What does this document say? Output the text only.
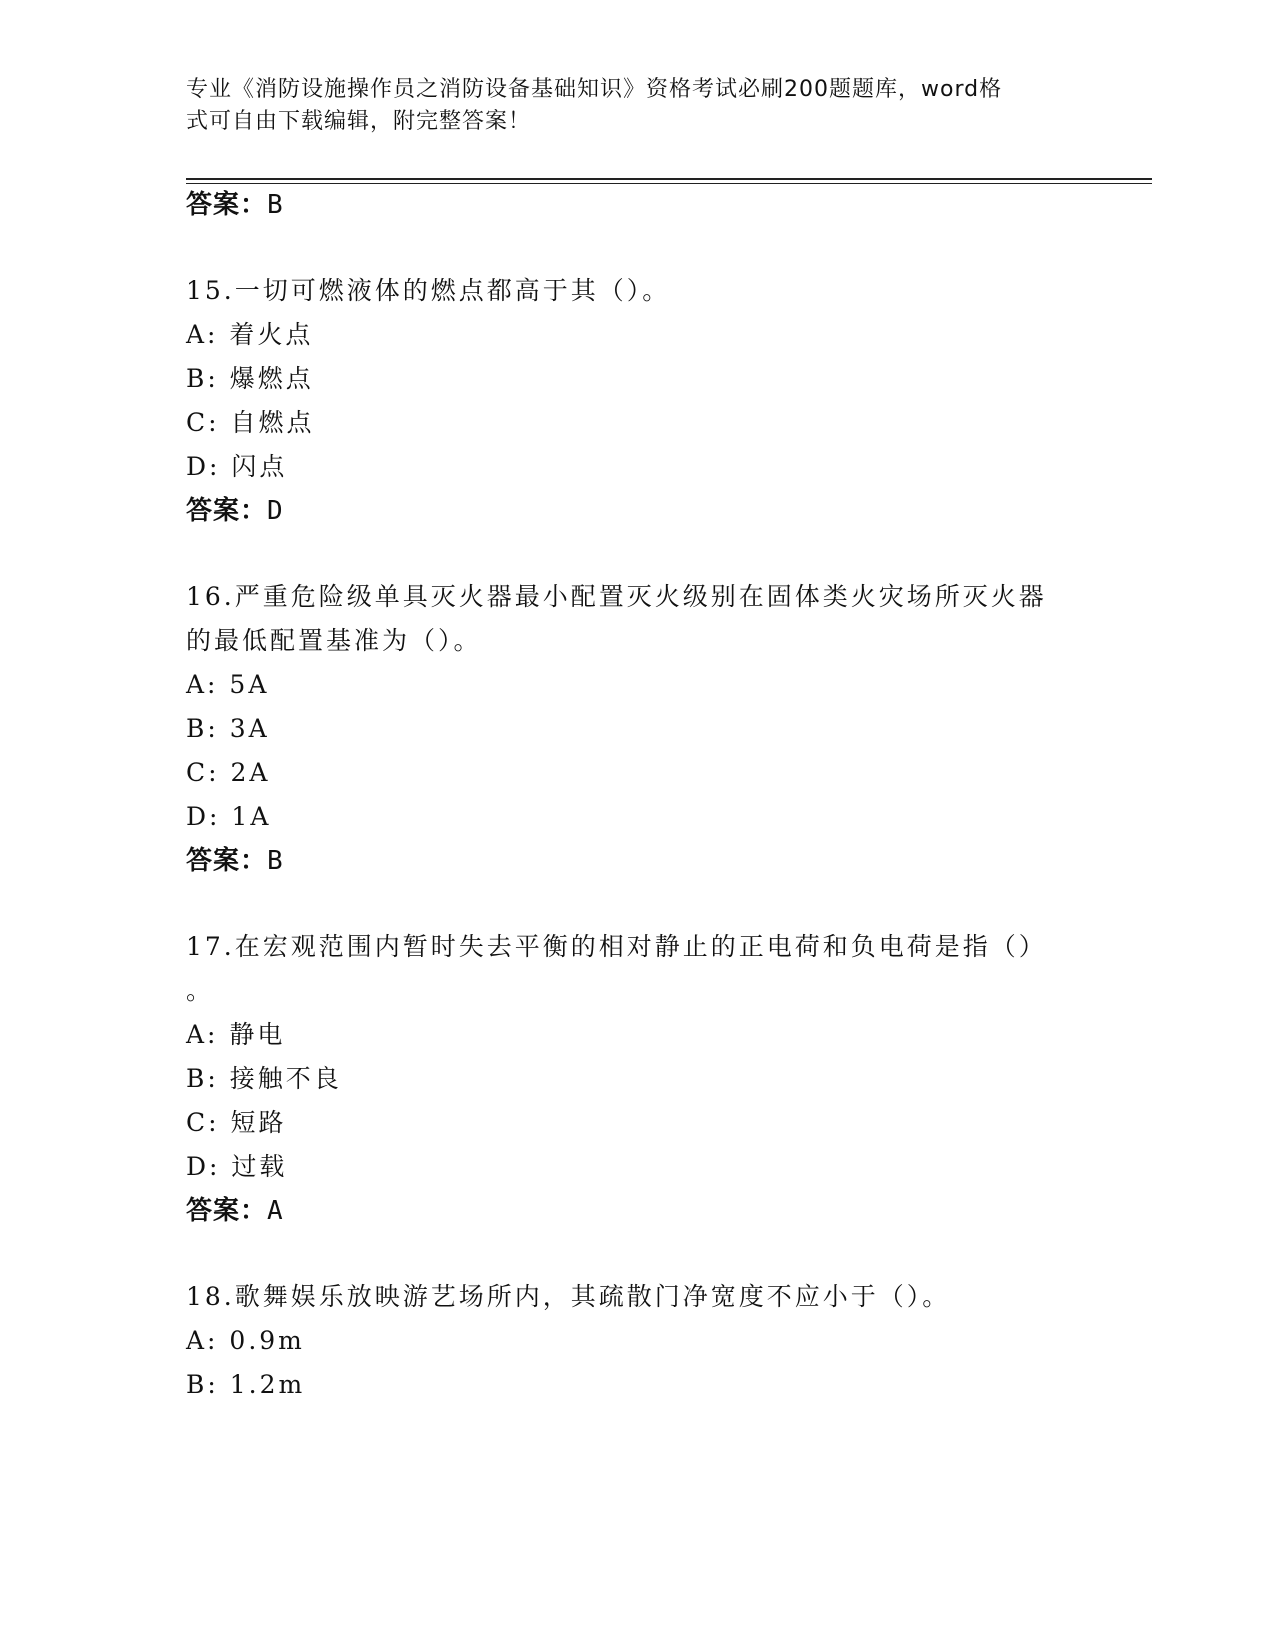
专业《消防设施操作员之消防设备基础知识》资格考试必刷200题题库，word格
式可自由下载编辑，附完整答案！
答案：B
15.一切可燃液体的燃点都高于其（）。
A: 着火点
B: 爆燃点
C: 自燃点
D: 闪点
答案：D
16.严重危险级单具灭火器最小配置灭火级别在固体类火灾场所灭火器
的最低配置基准为（）。
A: 5A
B: 3A
C: 2A
D: 1A
答案：B
17.在宏观范围内暂时失去平衡的相对静止的正电荷和负电荷是指（）
。
A: 静电
B: 接触不良
C: 短路
D: 过载
答案：A
18.歌舞娱乐放映游艺场所内，其疏散门净宽度不应小于（）。
A: 0.9m
B: 1.2m
